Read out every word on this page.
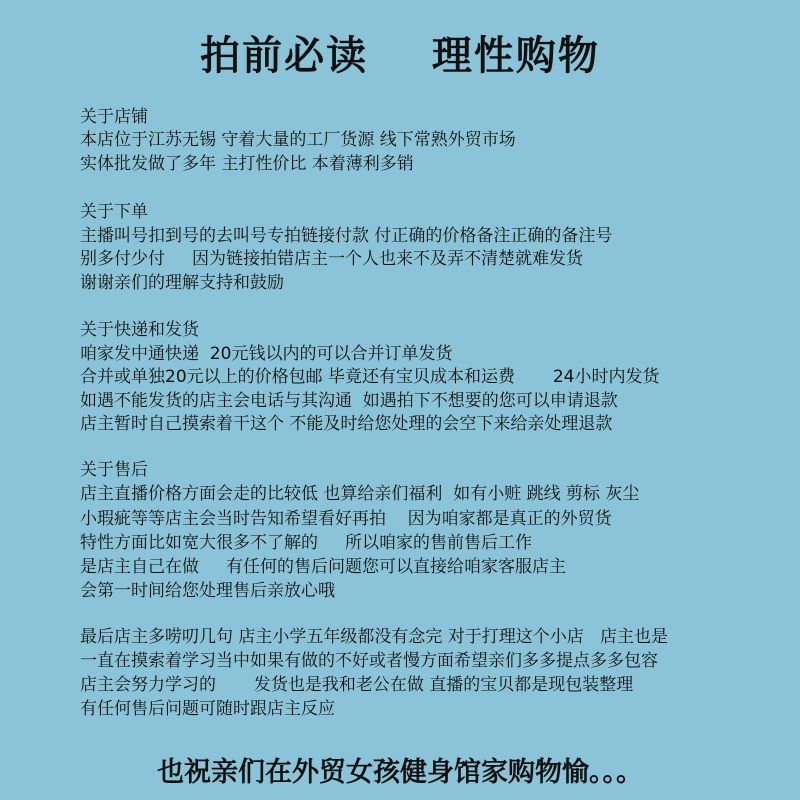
拍前必读    理性购物
关于店铺
本店位于江苏无锡 守着大量的工厂货源 线下常熟外贸市场
实体批发做了多年 主打性价比 本着薄利多销
关于下单
主播叫号扣到号的去叫号专拍链接付款 付正确的价格备注正确的备注号
别多付少付     因为链接拍错店主一个人也来不及弄不清楚就难发货
谢谢亲们的理解支持和鼓励
关于快递和发货
咱家发中通快递  20元钱以内的可以合并订单发货
合并或单独20元以上的价格包邮 毕竟还有宝贝成本和运费       24小时内发货
如遇不能发货的店主会电话与其沟通  如遇拍下不想要的您可以申请退款
店主暂时自己摸索着干这个 不能及时给您处理的会空下来给亲处理退款
关于售后
店主直播价格方面会走的比较低 也算给亲们福利  如有小赃 跳线 剪标 灰尘
小瑕疵等等店主会当时告知希望看好再拍    因为咱家都是真正的外贸货
特性方面比如宽大很多不了解的     所以咱家的售前售后工作
是店主自己在做     有任何的售后问题您可以直接给咱家客服店主
会第一时间给您处理售后亲放心哦
最后店主多唠叨几句 店主小学五年级都没有念完 对于打理这个小店   店主也是
一直在摸索着学习当中如果有做的不好或者慢方面希望亲们多多提点多多包容
店主会努力学习的       发货也是我和老公在做 直播的宝贝都是现包装整理
有任何售后问题可随时跟店主反应
也祝亲们在外贸女孩健身馆家购物愉。。。
